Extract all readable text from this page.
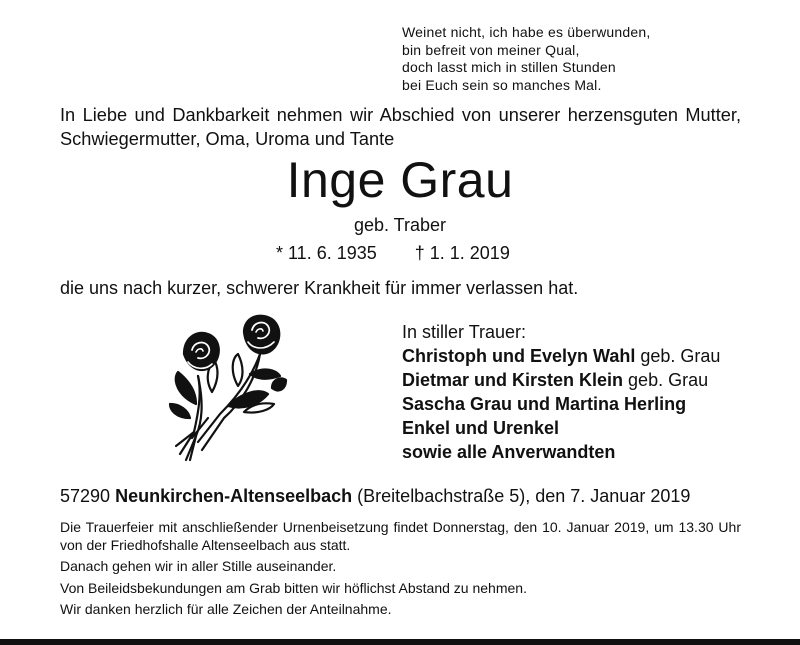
Weinet nicht, ich habe es überwunden,
bin befreit von meiner Qual,
doch lasst mich in stillen Stunden
bei Euch sein so manches Mal.
In Liebe und Dankbarkeit nehmen wir Abschied von unserer herzensguten Mutter, Schwiegermutter, Oma, Uroma und Tante
Inge Grau
geb. Traber
* 11. 6. 1935 † 1. 1. 2019
die uns nach kurzer, schwerer Krankheit für immer verlassen hat.
In stiller Trauer:
Christoph und Evelyn Wahl geb. Grau
Dietmar und Kirsten Klein geb. Grau
Sascha Grau und Martina Herling
Enkel und Urenkel
sowie alle Anverwandten
57290 Neunkirchen-Altenseelbach (Breitelbachstraße 5), den 7. Januar 2019

Die Trauerfeier mit anschließender Urnenbeisetzung findet Donnerstag, den 10. Januar 2019, um 13.30 Uhr von der Friedhofshalle Altenseelbach aus statt.

Danach gehen wir in aller Stille auseinander.

Von Beileidsbekundungen am Grab bitten wir höflichst Abstand zu nehmen.

Wir danken herzlich für alle Zeichen der Anteilnahme.
